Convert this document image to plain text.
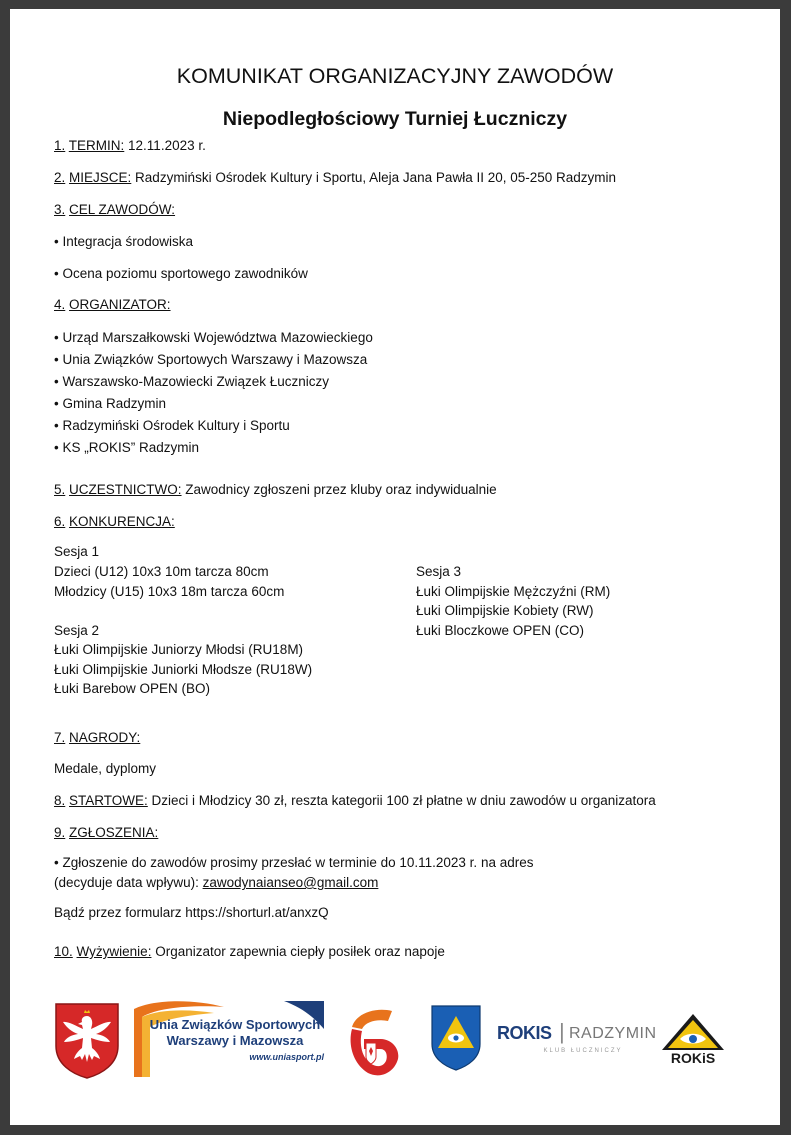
KOMUNIKAT ORGANIZACYJNY ZAWODÓW
Niepodległościowy Turniej Łuczniczy
1. TERMIN: 12.11.2023 r.
2. MIEJSCE: Radzymiński Ośrodek Kultury i Sportu, Aleja Jana Pawła II 20, 05-250 Radzymin
3. CEL ZAWODÓW:
• Integracja środowiska
• Ocena poziomu sportowego zawodników
4. ORGANIZATOR:
• Urząd Marszałkowski Województwa Mazowieckiego
• Unia Związków Sportowych Warszawy i Mazowsza
• Warszawsko-Mazowiecki Związek Łuczniczy
• Gmina Radzymin
• Radzymiński Ośrodek Kultury i Sportu
• KS „ROKIS” Radzymin
5. UCZESTNICTWO: Zawodnicy zgłoszeni przez kluby oraz indywidualnie
6. KONKURENCJA:
Sesja 1
Dzieci (U12) 10x3 10m tarcza 80cm
Młodzicy (U15) 10x3 18m tarcza 60cm
Sesja 2
Łuki Olimpijskie Juniorzy Młodsi (RU18M)
Łuki Olimpijskie Juniorki Młodsze (RU18W)
Łuki Barebow OPEN (BO)
Sesja 3
Łuki Olimpijskie Mężczyźni (RM)
Łuki Olimpijskie Kobiety (RW)
Łuki Bloczkowe OPEN (CO)
7. NAGRODY:
Medale, dyplomy
8. STARTOWE: Dzieci i Młodzicy 30 zł, reszta kategorii 100 zł płatne w dniu zawodów u organizatora
9. ZGŁOSZENIA:
• Zgłoszenie do zawodów prosimy przesłać w terminie do 10.11.2023 r. na adres
(decyduje data wpływu): zawodynaianseo@gmail.com
Bądź przez formularz https://shorturl.at/anxzQ
10. Wyżywienie: Organizator zapewnia ciepły posiłek oraz napoje
Unia Związków Sportowych
Warszawy i Mazowsza
www.uniasport.pl
ROKIS | RADZYMIN
KLUB ŁUCZNICZY	ROKiS
